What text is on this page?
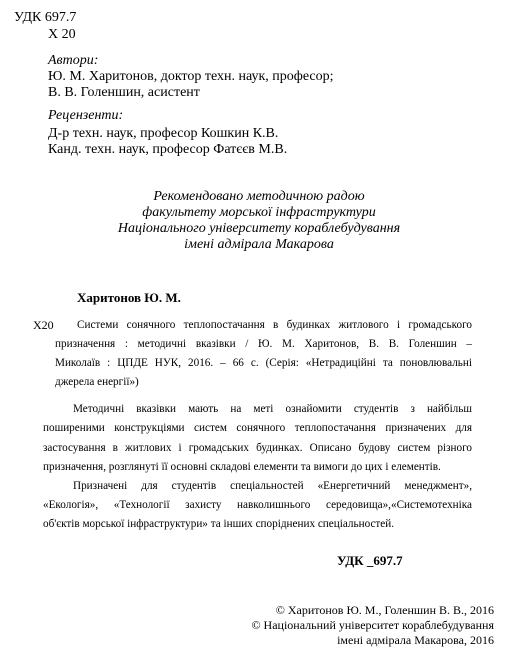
УДК 697.7
Х 20
Автори:
Ю. М. Харитонов, доктор техн. наук, професор;
В. В. Голеншин, асистент
Рецензенти:
Д-р техн. наук, професор Кошкин К.В.
Канд. техн. наук, професор Фатєєв М.В.
Рекомендовано методичною радою
факультету морської інфраструктури
Національного університету кораблебудування
імені адмірала Макарова
Харитонов Ю. М.
Х20 Системи сонячного теплопостачання в будинках житлового і громадського
призначення : методичні вказівки / Ю. М. Харитонов, В. В. Голеншин –
Миколаїв : ЦПДЕ НУК, 2016. – 66 с. (Серія: «Нетрадиційні та поновлювальні
джерела енергії»)
Методичні вказівки мають на меті ознайомити студентів з найбільш
поширеними конструкціями систем сонячного теплопостачання призначених для
застосування в житлових і громадських будинках. Описано будову систем різного
призначення, розглянуті її основні складові елементи та вимоги до цих і елементів.
Призначені для студентів спеціальностей «Енергетичний менеджмент»,
«Екологія», «Технології захисту навколишнього середовища»,«Системотехніка
об'єктів морської інфраструктури» та інших споріднених спеціальностей.
УДК _697.7
© Харитонов Ю. М., Голеншин В. В., 2016
© Національний університет кораблебудування
імені адмірала Макарова, 2016
